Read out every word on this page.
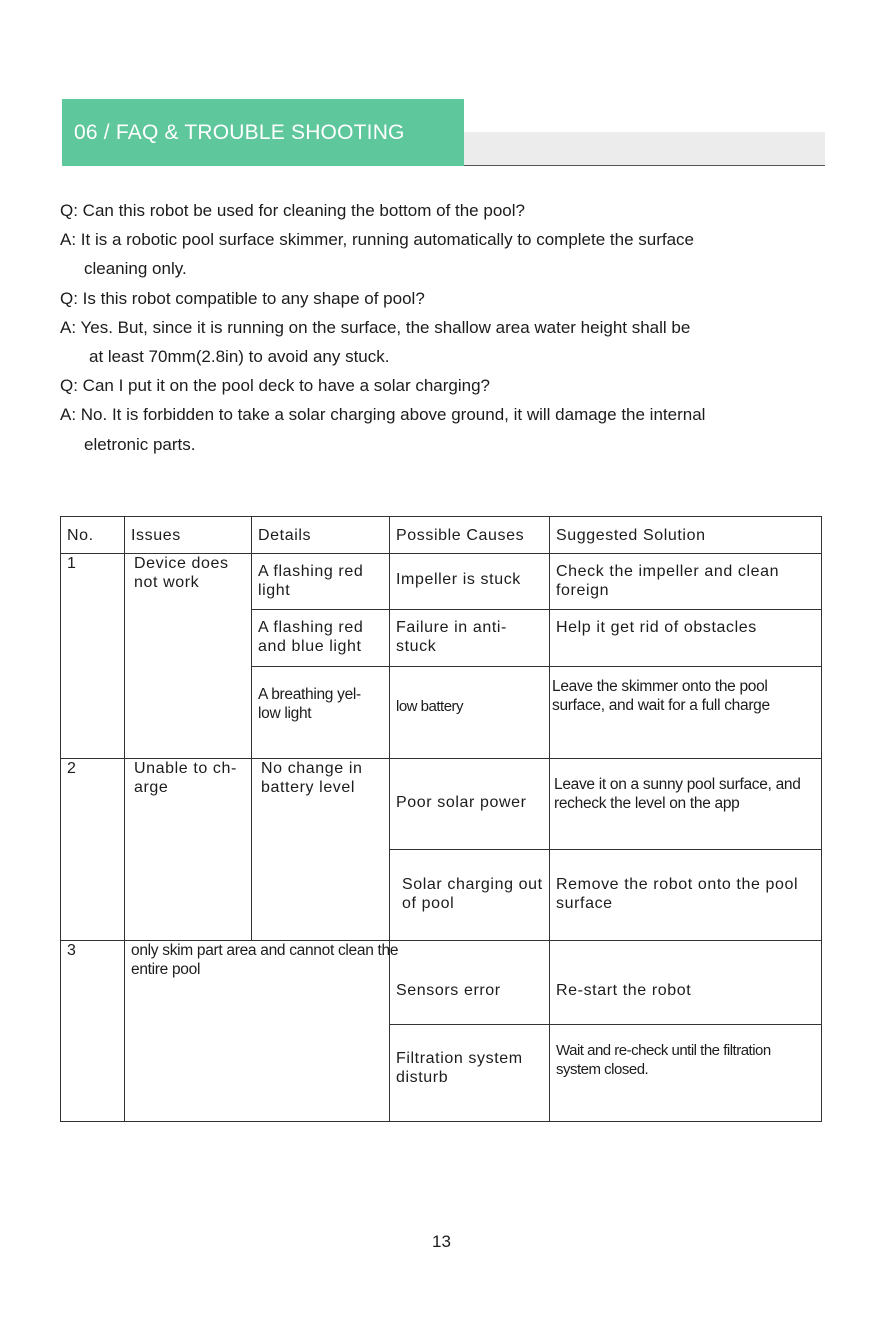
06 / FAQ & TROUBLE SHOOTING
Q: Can this robot be used for cleaning the bottom of the pool?
A: It is a robotic pool surface skimmer, running automatically to complete the surface
cleaning only.
Q: Is this robot compatible to any shape of pool?
A: Yes. But, since it is running on the surface, the shallow area water height shall be
at least 70mm(2.8in) to avoid any stuck.
Q: Can I put it on the pool deck to have a solar charging?
A: No. It is forbidden to take a solar charging above ground, it will damage the internal
eletronic parts.
No.	Issues	Details	Possible Causes	Suggested Solution
1	Device does not work	A flashing red light	Impeller is stuck	Check the impeller and clean foreign
		A flashing red and blue light	Failure in anti-stuck	Help it get rid of obstacles
		A breathing yel-low light	low battery	Leave the skimmer onto the pool surface, and wait for a full charge
2	Unable to ch-arge	No change in battery level	Poor solar power	Leave it on a sunny pool surface, and recheck the level on the app
			Solar charging out of pool	Remove the robot onto the pool surface
3	only skim part area and cannot clean the entire pool		Sensors error	Re-start the robot
			Filtration system disturb	Wait and re-check until the filtration system closed.
13
